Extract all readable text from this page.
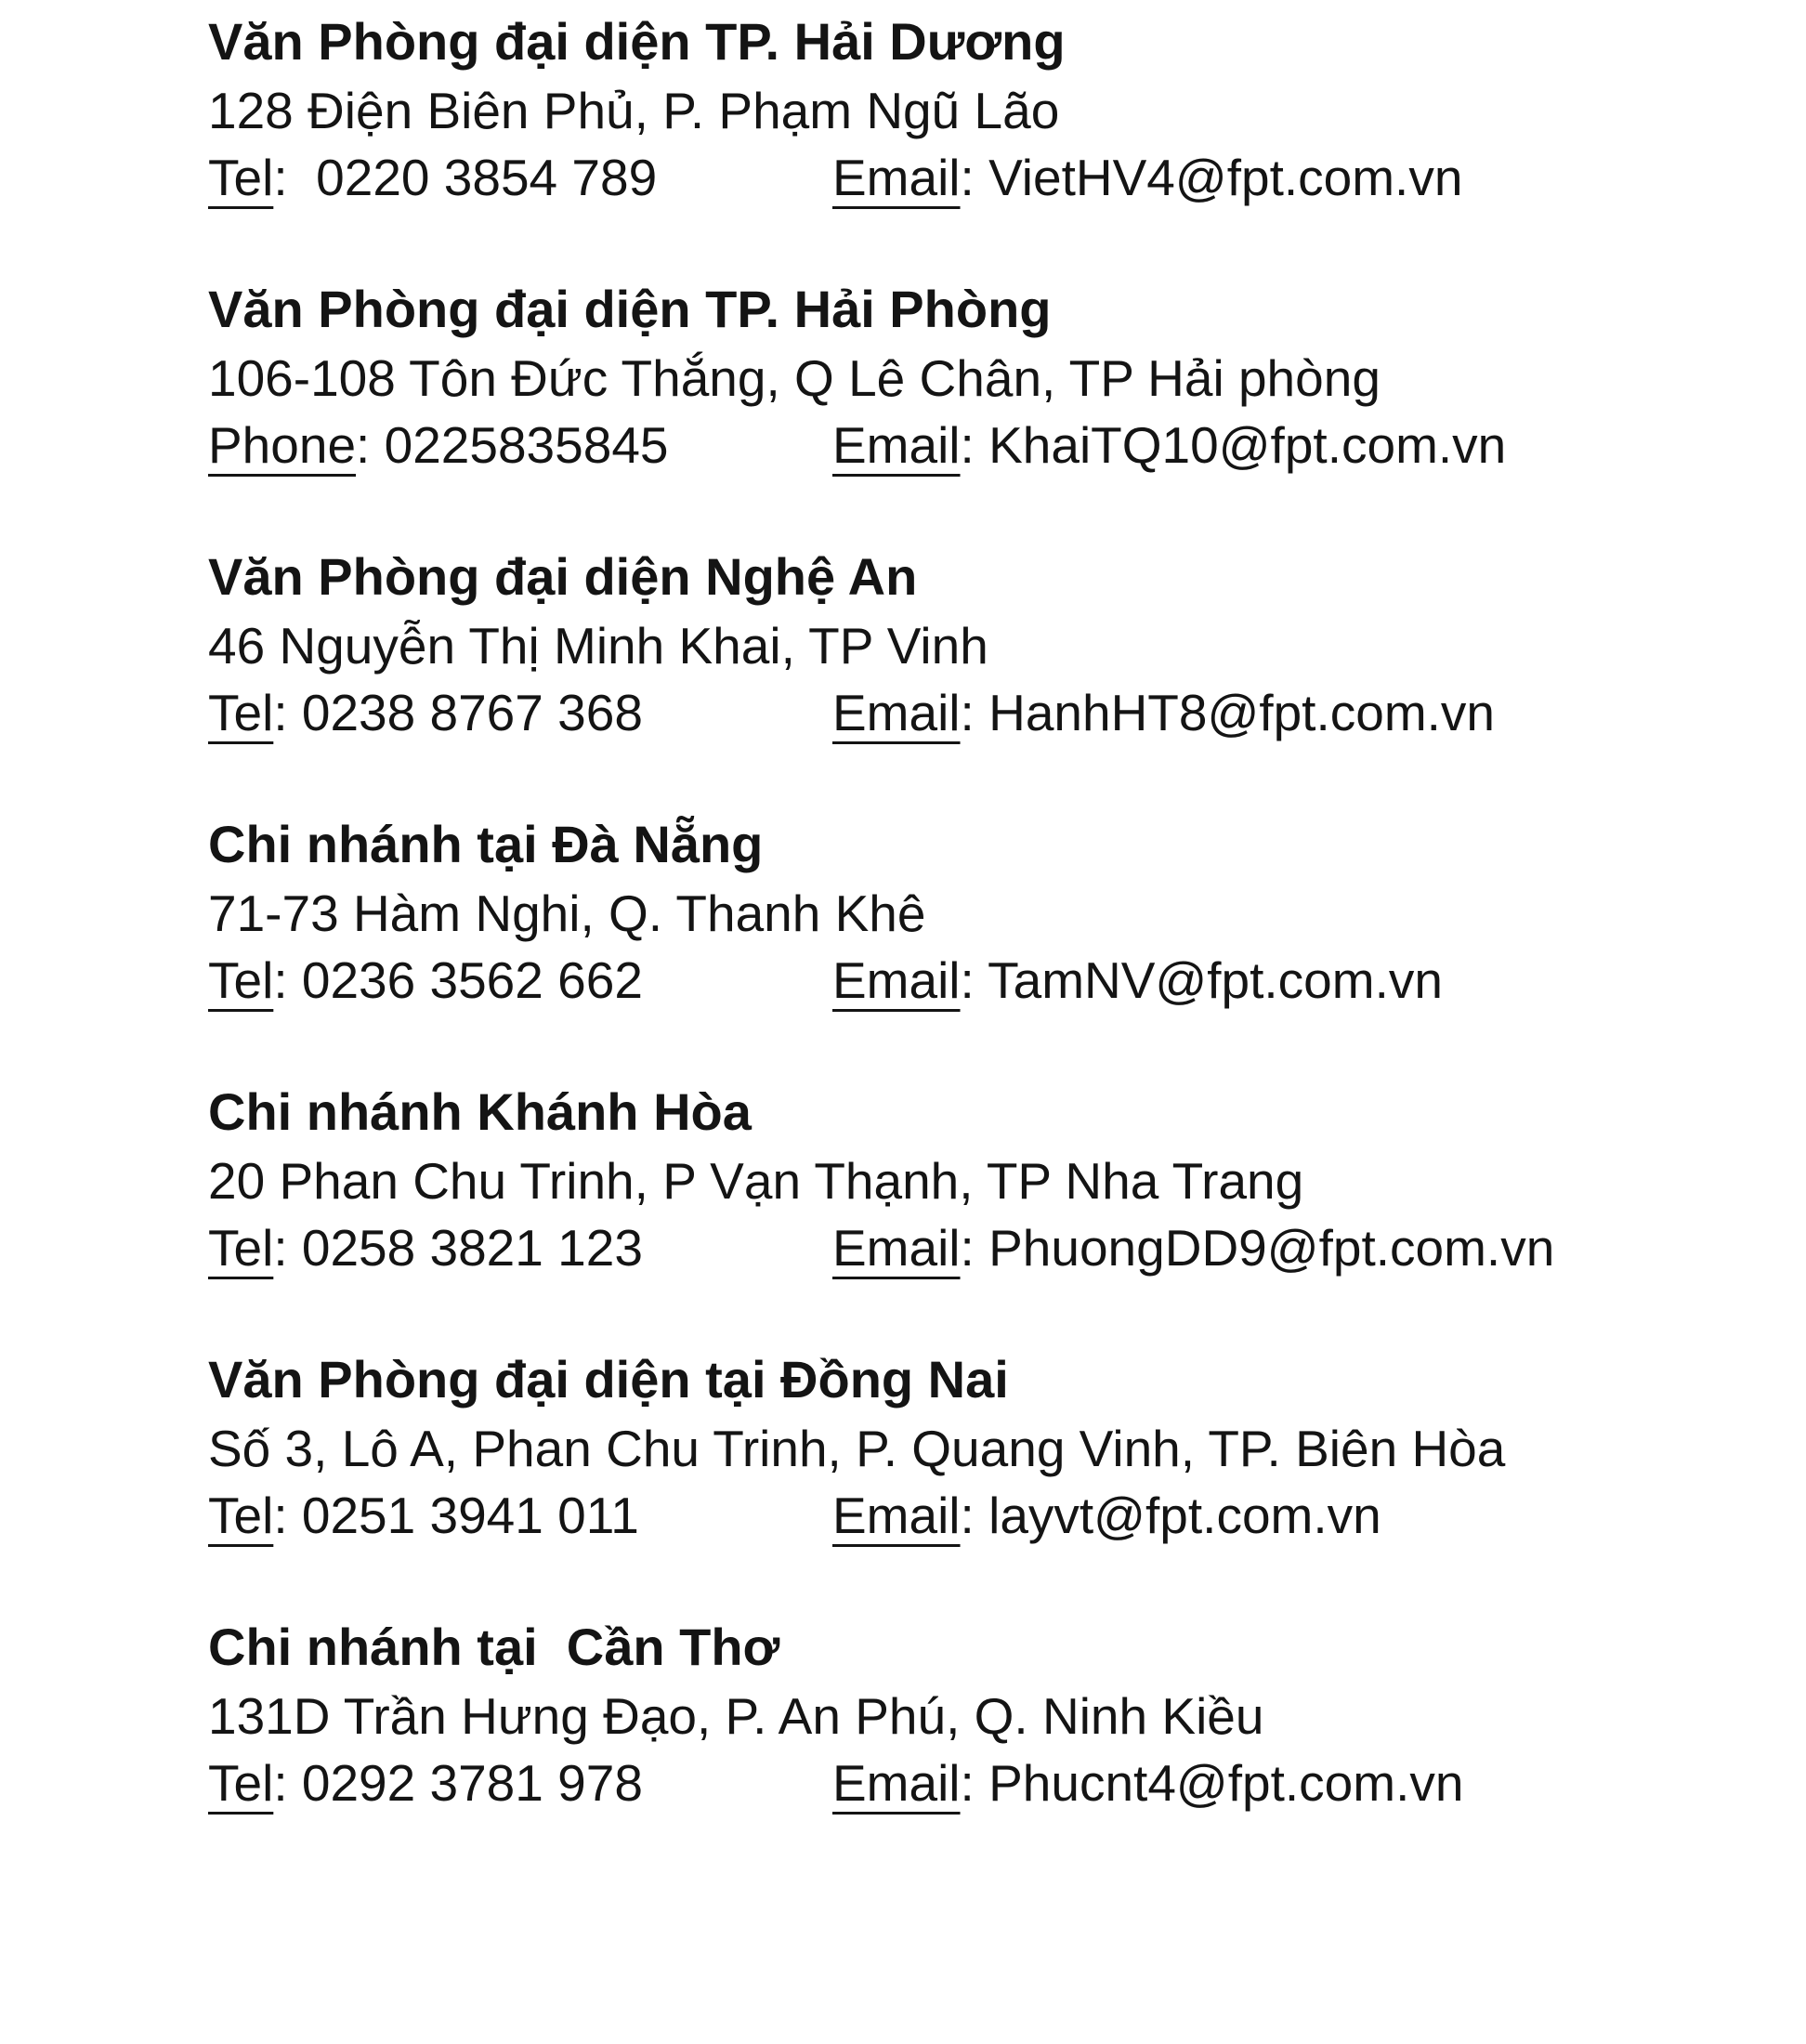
Văn Phòng đại diện TP. Hải Dương
128 Điện Biên Phủ, P. Phạm Ngũ Lão
Tel:  0220 3854 789	Email: VietHV4@fpt.com.vn
Văn Phòng đại diện TP. Hải Phòng
106-108 Tôn Đức Thắng, Q Lê Chân, TP Hải phòng
Phone: 0225835845	Email: KhaiTQ10@fpt.com.vn
Văn Phòng đại diện Nghệ An
46 Nguyễn Thị Minh Khai, TP Vinh
Tel: 0238 8767 368	Email: HanhHT8@fpt.com.vn
Chi nhánh tại Đà Nẵng
71-73 Hàm Nghi, Q. Thanh Khê
Tel: 0236 3562 662	Email: TamNV@fpt.com.vn
Chi nhánh Khánh Hòa
20 Phan Chu Trinh, P Vạn Thạnh, TP Nha Trang
Tel: 0258 3821 123	Email: PhuongDD9@fpt.com.vn
Văn Phòng đại diện tại Đồng Nai
Số 3, Lô A, Phan Chu Trinh, P. Quang Vinh, TP. Biên Hòa
Tel: 0251 3941 011	Email: layvt@fpt.com.vn
Chi nhánh tại  Cần Thơ
131D Trần Hưng Đạo, P. An Phú, Q. Ninh Kiều
Tel: 0292 3781 978	Email: Phucnt4@fpt.com.vn
